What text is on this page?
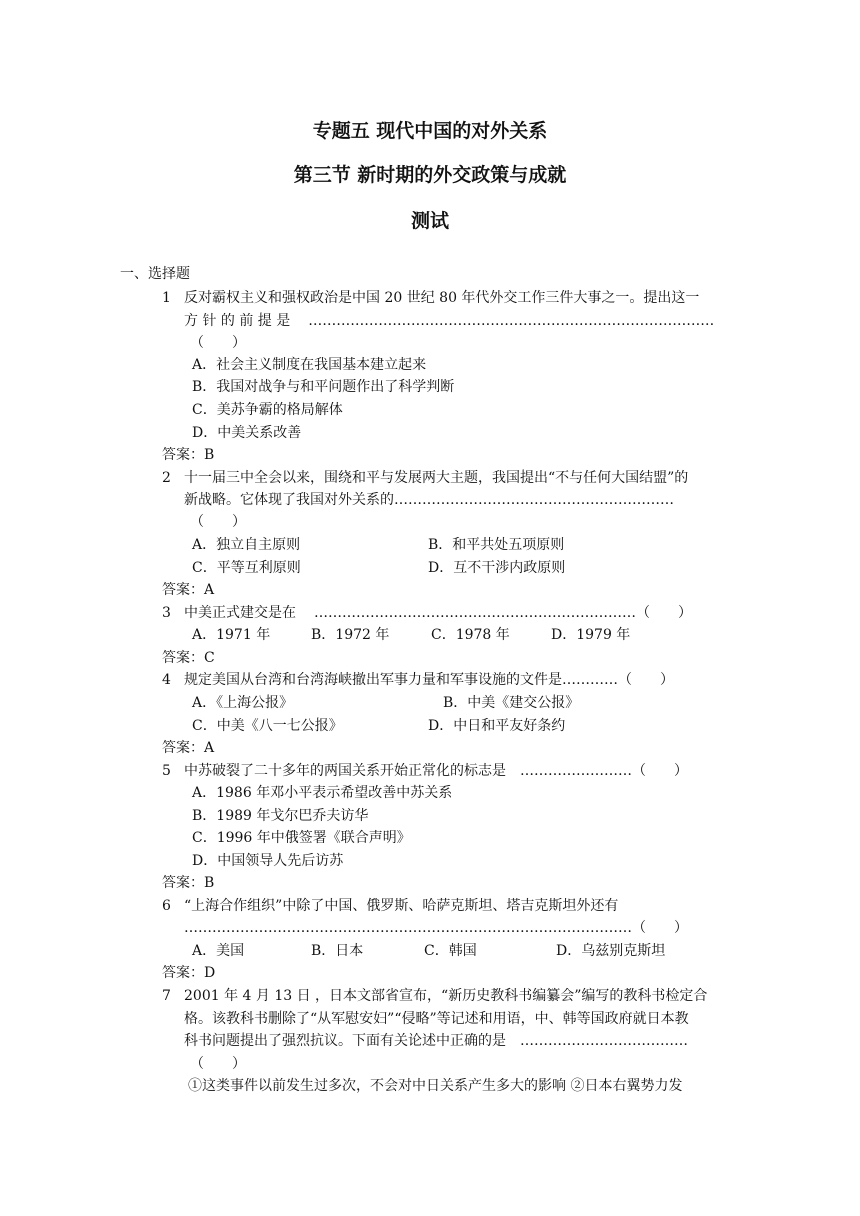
专题五 现代中国的对外关系
第三节 新时期的外交政策与成就
测试
一、选择题
1 反对霸权主义和强权政治是中国 20 世纪 80 年代外交工作三件大事之一。提出这一
方 针 的 前 提 是 ……………………………………………………………………………
（　　）
A．社会主义制度在我国基本建立起来
B．我国对战争与和平问题作出了科学判断
C．美苏争霸的格局解体
D．中美关系改善
答案：B
2 十一届三中全会以来，围绕和平与发展两大主题，我国提出“不与任何大国结盟”的
新战略。它体现了我国对外关系的……………………………………………………
（　　）
A．独立自主原则	B．和平共处五项原则
C．平等互利原则	D．互不干涉内政原则
答案：A
3 中美正式建交是在 ……………………………………………………………（　　）
A．1971 年	B．1972 年	C．1978 年	D．1979 年
答案：C
4 规定美国从台湾和台湾海峡撤出军事力量和军事设施的文件是…………（　　）
A．《上海公报》	B．中美《建交公报》
C．中美《八一七公报》	D．中日和平友好条约
答案：A
5 中苏破裂了二十多年的两国关系开始正常化的标志是 ……………………（　　）
A．1986 年邓小平表示希望改善中苏关系
B．1989 年戈尔巴乔夫访华
C．1996 年中俄签署《联合声明》
D．中国领导人先后访苏
答案：B
6 “上海合作组织”中除了中国、俄罗斯、哈萨克斯坦、塔吉克斯坦外还有
……………………………………………………………………………………（　　）
A．美国	B．日本	C．韩国	D．乌兹别克斯坦
答案：D
7 2001 年 4 月 13 日 ，日本文部省宣布，“新历史教科书编纂会”编写的教科书检定合
格。该教科书删除了“从军慰安妇”“侵略”等记述和用语，中、韩等国政府就日本教
科书问题提出了强烈抗议。下面有关论述中正确的是 ………………………………
（　　）
①这类事件以前发生过多次，不会对中日关系产生多大的影响 ②日本右翼势力发
